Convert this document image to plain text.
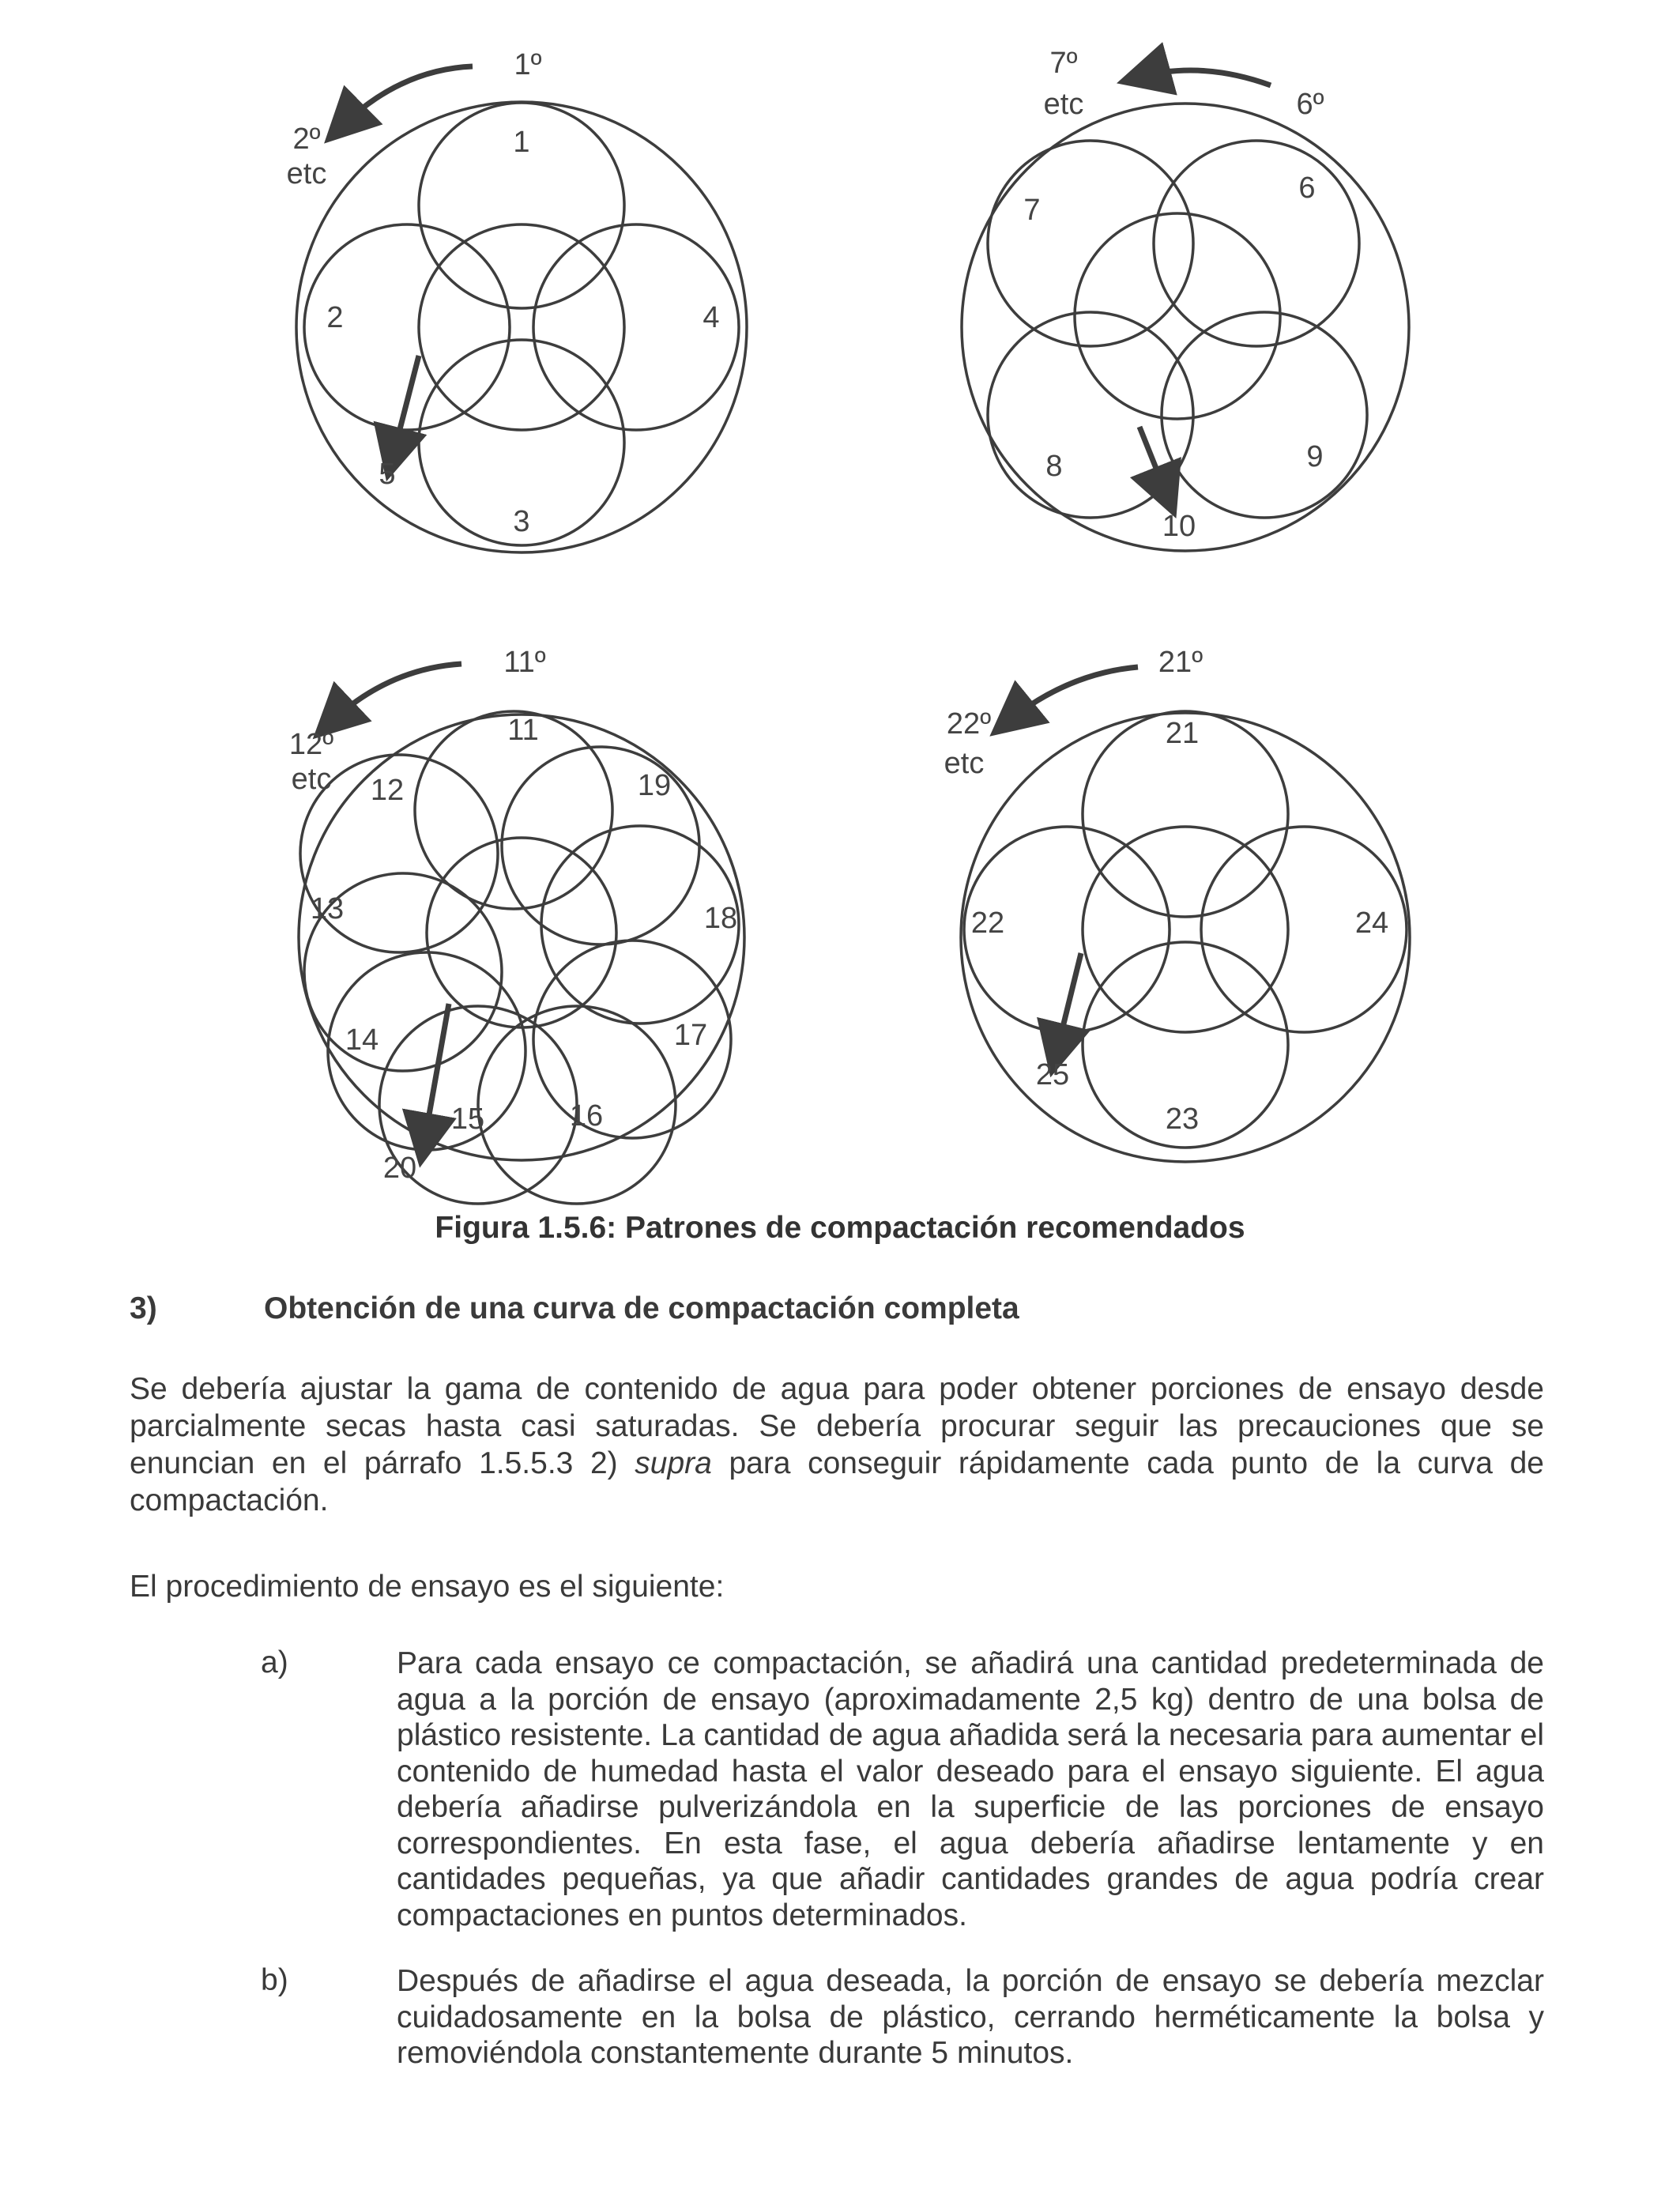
1º
2º
etc
1
2
3
4
5
6º
7º
etc
6
7
8	9
10
11º
12º
etc
11
12
13
14
15	16
17
18
19
20
21º
22º
etc
21
22
23
24
25
Figura 1.5.6: Patrones de compactación recomendados
3)	Obtención de una curva de compactación completa
Se debería ajustar la gama de contenido de agua para poder obtener porciones de ensayo desde parcialmente secas hasta casi saturadas. Se debería procurar seguir las precauciones que se enuncian en el párrafo 1.5.5.3 2) supra para conseguir rápidamente cada punto de la curva de compactación.
El procedimiento de ensayo es el siguiente:
a)	Para cada ensayo ce compactación, se añadirá una cantidad predeterminada de agua a la porción de ensayo (aproximadamente 2,5 kg) dentro de una bolsa de plástico resistente. La cantidad de agua añadida será la necesaria para aumentar el contenido de humedad hasta el valor deseado para el ensayo siguiente. El agua debería añadirse pulverizándola en la superficie de las porciones de ensayo correspondientes. En esta fase, el agua debería añadirse lentamente y en cantidades pequeñas, ya que añadir cantidades grandes de agua podría crear compactaciones en puntos determinados.
b)	Después de añadirse el agua deseada, la porción de ensayo se debería mezclar cuidadosamente en la bolsa de plástico, cerrando herméticamente la bolsa y removiéndola constantemente durante 5 minutos.
